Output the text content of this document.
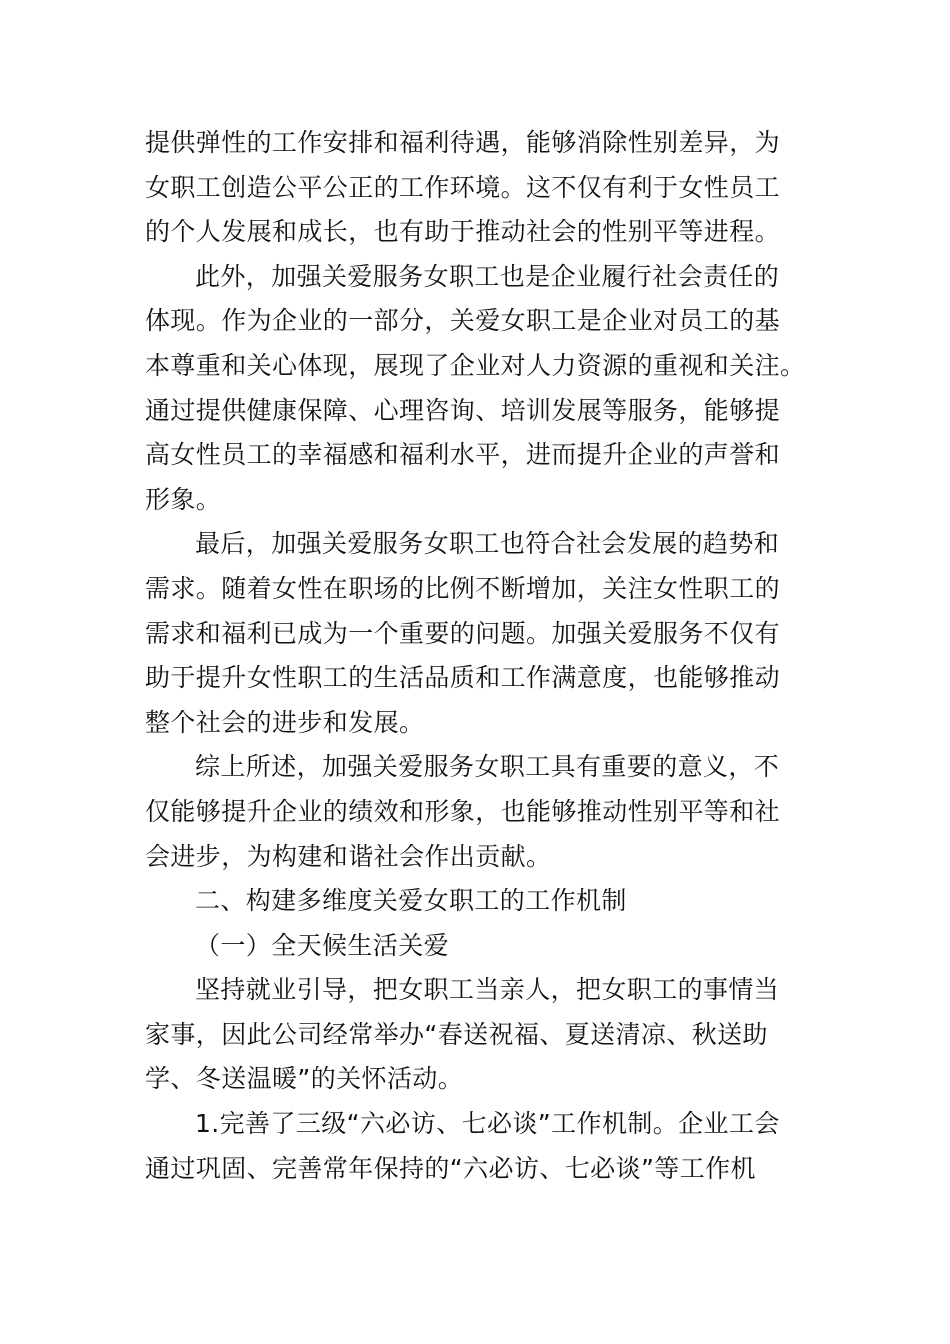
提供弹性的工作安排和福利待遇，能够消除性别差异，为
女职工创造公平公正的工作环境。这不仅有利于女性员工
的个人发展和成长，也有助于推动社会的性别平等进程。
此外，加强关爱服务女职工也是企业履行社会责任的
体现。作为企业的一部分，关爱女职工是企业对员工的基
本尊重和关心体现，展现了企业对人力资源的重视和关注。
通过提供健康保障、心理咨询、培训发展等服务，能够提
高女性员工的幸福感和福利水平，进而提升企业的声誉和
形象。
最后，加强关爱服务女职工也符合社会发展的趋势和
需求。随着女性在职场的比例不断增加，关注女性职工的
需求和福利已成为一个重要的问题。加强关爱服务不仅有
助于提升女性职工的生活品质和工作满意度，也能够推动
整个社会的进步和发展。
综上所述，加强关爱服务女职工具有重要的意义，不
仅能够提升企业的绩效和形象，也能够推动性别平等和社
会进步，为构建和谐社会作出贡献。
二、构建多维度关爱女职工的工作机制
（一）全天候生活关爱
坚持就业引导，把女职工当亲人，把女职工的事情当
家事，因此公司经常举办“春送祝福、夏送清凉、秋送助
学、冬送温暖”的关怀活动。
1.完善了三级“六必访、七必谈”工作机制。企业工会
通过巩固、完善常年保持的“六必访、七必谈”等工作机
